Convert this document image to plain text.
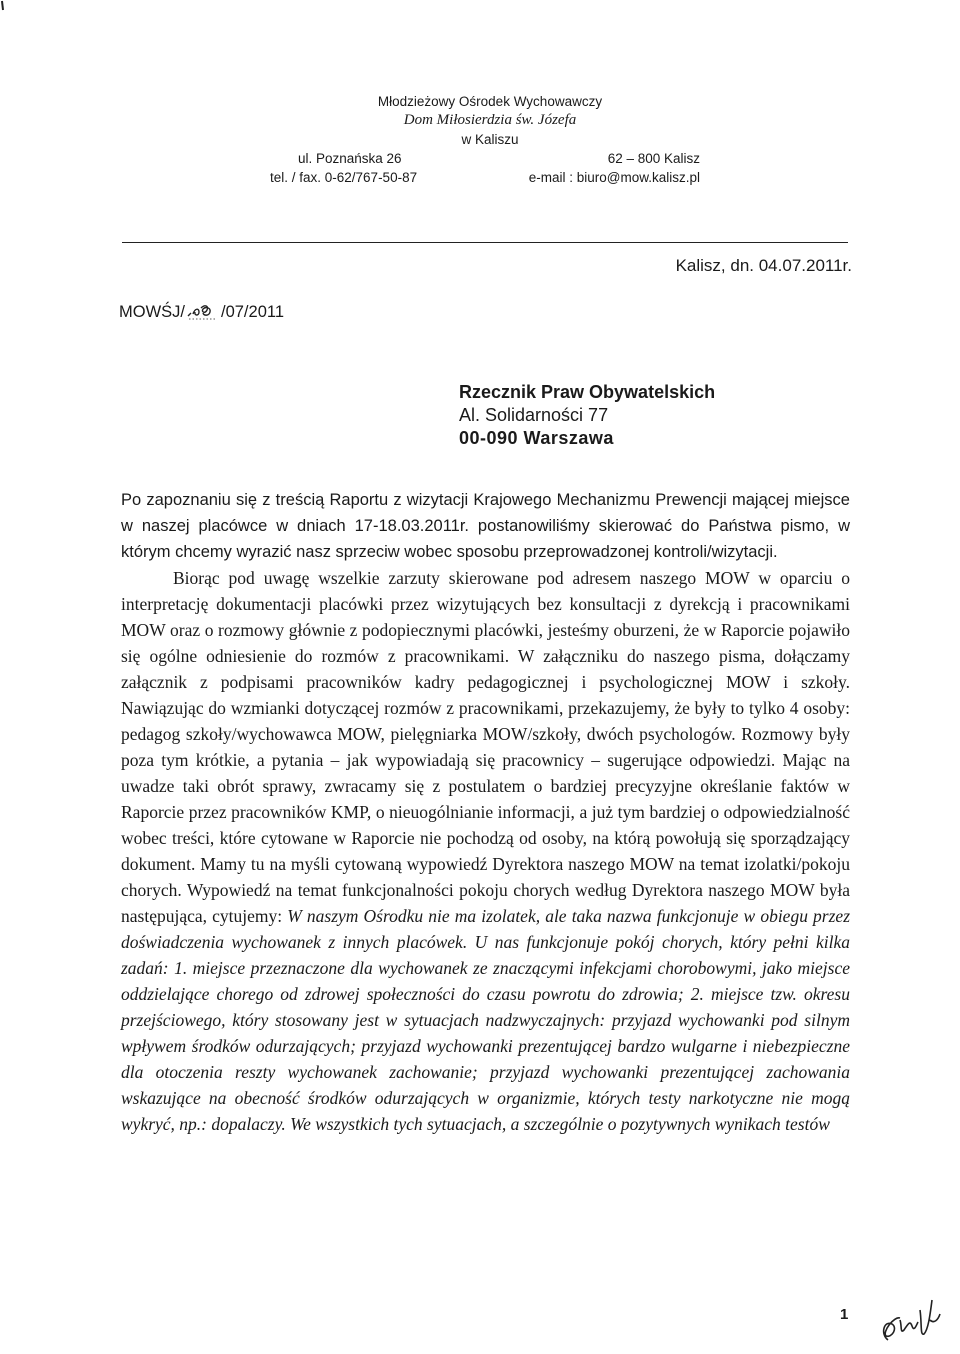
Młodzieżowy Ośrodek Wychowawczy
Dom Miłosierdzia św. Józefa
w Kaliszu
ul. Poznańska 26	62 – 800 Kalisz
tel. / fax. 0-62/767-50-87	e-mail : biuro@mow.kalisz.pl
Kalisz, dn. 04.07.2011r.
MOWŚJ/ /07/2011
Rzecznik Praw Obywatelskich
Al. Solidarności 77
00-090 Warszawa

Po zapoznaniu się z treścią Raportu z wizytacji Krajowego Mechanizmu Prewencji mającej miejsce w naszej placówce w dniach 17-18.03.2011r. postanowiliśmy skierować do Państwa pismo, w którym chcemy wyrazić nasz sprzeciw wobec sposobu przeprowadzonej kontroli/wizytacji.

Biorąc pod uwagę wszelkie zarzuty skierowane pod adresem naszego MOW w oparciu o interpretację dokumentacji placówki przez wizytujących bez konsultacji z dyrekcją i pracownikami MOW oraz o rozmowy głównie z podopiecznymi placówki, jesteśmy oburzeni, że w Raporcie pojawiło się ogólne odniesienie do rozmów z pracownikami. W załączniku do naszego pisma, dołączamy załącznik z podpisami pracowników kadry pedagogicznej i psychologicznej MOW i szkoły. Nawiązując do wzmianki dotyczącej rozmów z pracownikami, przekazujemy, że były to tylko 4 osoby: pedagog szkoły/wychowawca MOW, pielęgniarka MOW/szkoły, dwóch psychologów. Rozmowy były poza tym krótkie, a pytania – jak wypowiadają się pracownicy – sugerujące odpowiedzi. Mając na uwadze taki obrót sprawy, zwracamy się z postulatem o bardziej precyzyjne określanie faktów w Raporcie przez pracowników KMP, o nieuogólnianie informacji, a już tym bardziej o odpowiedzialność wobec treści, które cytowane w Raporcie nie pochodzą od osoby, na którą powołują się sporządzający dokument. Mamy tu na myśli cytowaną wypowiedź Dyrektora naszego MOW na temat izolatki/pokoju chorych. Wypowiedź na temat funkcjonalności pokoju chorych według Dyrektora naszego MOW była następująca, cytujemy: W naszym Ośrodku nie ma izolatek, ale taka nazwa funkcjonuje w obiegu przez doświadczenia wychowanek z innych placówek. U nas funkcjonuje pokój chorych, który pełni kilka zadań: 1. miejsce przeznaczone dla wychowanek ze znaczącymi infekcjami chorobowymi, jako miejsce oddzielające chorego od zdrowej społeczności do czasu powrotu do zdrowia; 2. miejsce tzw. okresu przejściowego, który stosowany jest w sytuacjach nadzwyczajnych: przyjazd wychowanki pod silnym wpływem środków odurzających; przyjazd wychowanki prezentującej bardzo wulgarne i niebezpieczne dla otoczenia reszty wychowanek zachowanie; przyjazd wychowanki prezentującej zachowania wskazujące na obecność środków odurzających w organizmie, których testy narkotyczne nie mogą wykryć, np.: dopalaczy. We wszystkich tych sytuacjach, a szczególnie o pozytywnych wynikach testów

1
